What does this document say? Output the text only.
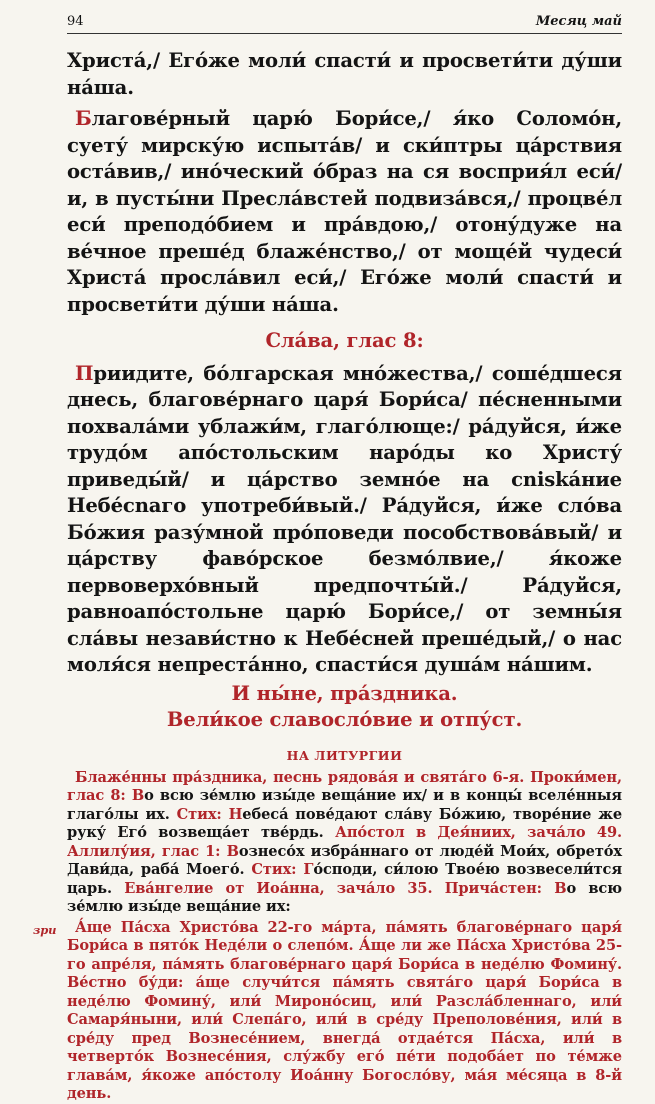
94	Месяц май

Христа́,/ Его́же моли́ спасти́ и просвети́ти ду́ши на́ша.

Благове́рный царю́ Бори́се,/ я́ко Соломо́н, суету́ мирску́ю испыта́в/ и ски́птры ца́рствия оста́вив,/ ино́ческий о́браз на ся восприя́л еси́/ и, в пусты́ни Пресла́встей подвиза́вся,/ процве́л еси́ преподо́бием и пра́вдою,/ отону́дуже на ве́чное преше́д блаже́нство,/ от моще́й чудеси́ Христа́ просла́вил еси́,/ Его́же моли́ спасти́ и просвети́ти ду́ши на́ша.

Сла́ва, глас 8:

Приидите, бо́лгарская мно́жества,/ соше́дшеся днесь, благове́рнаго царя́ Бори́са/ пе́сненными похвала́ми ублажи́м, глаго́люще:/ ра́дуйся, и́же трудо́м апо́стольским наро́ды ко Христу́ приведы́й/ и ца́рство земно́е на сniskáние Небе́сnаго употреби́вый./ Ра́дуйся, и́же сло́ва Бо́жия разу́мной про́поведи пособствова́вый/ и ца́рству фаво́рское безмо́лвие,/ я́коже первоверхо́вный предпочты́й./ Ра́дуйся, равноапо́стольне царю́ Бори́се,/ от земны́я сла́вы незави́стно к Небе́сней преше́дый,/ о нас моля́ся непреста́нно, спасти́ся душа́м на́шим.

И ны́не, пра́здника.
Вели́кое славосло́вие и отпу́ст.
НА ЛИТУРГИИ

Блаже́нны пра́здника, песнь рядова́я и свята́го 6-я. Проки́мен, глас 8: Во всю зе́млю изы́де веща́ние их/ и в концы́ вселе́нныя глаго́лы их. Стих: Небеса́ пове́дают сла́ву Бо́жию, творе́ние же руку́ Его́ возвеща́ет тве́рдь. Апо́стол в Дея́ниих, зача́ло 49. Аллилу́ия, глас 1: Вознесо́х избра́ннаго от люде́й Мои́х, обрето́х Дави́да, раба́ Моего́. Стих: Го́споди, си́лою Твое́ю возвесели́тся царь. Ева́нгелие от Иоа́нна, зача́ло 35. Прича́стен: Во всю зе́млю изы́де веща́ние их:

зри	А́ще Па́сха Христо́ва 22-го ма́рта, па́мять благове́рнаго царя́ Бори́са в пято́к Неде́ли о слепо́м. А́ще ли же Па́сха Христо́ва 25-го апре́ля, па́мять благове́рнаго царя́ Бори́са в неде́лю Фомину́. Ве́стно бу́ди: а́ще случи́тся па́мять свята́го царя́ Бори́са в неде́лю Фомину́, или́ Мироно́сиц, или́ Разсла́бленнаго, или́ Самаря́ныни, или́ Слепа́го, или́ в сре́ду Преполове́ния, или́ в сре́ду пред Вознесе́нием, внегда́ отдае́тся Па́сха, или́ в четверто́к Вознесе́ния, слу́жбу его́ пе́ти подоба́ет по те́мже глава́м, я́коже апо́столу Иоа́нну Богосло́ву, ма́я ме́сяца в 8-й день.
